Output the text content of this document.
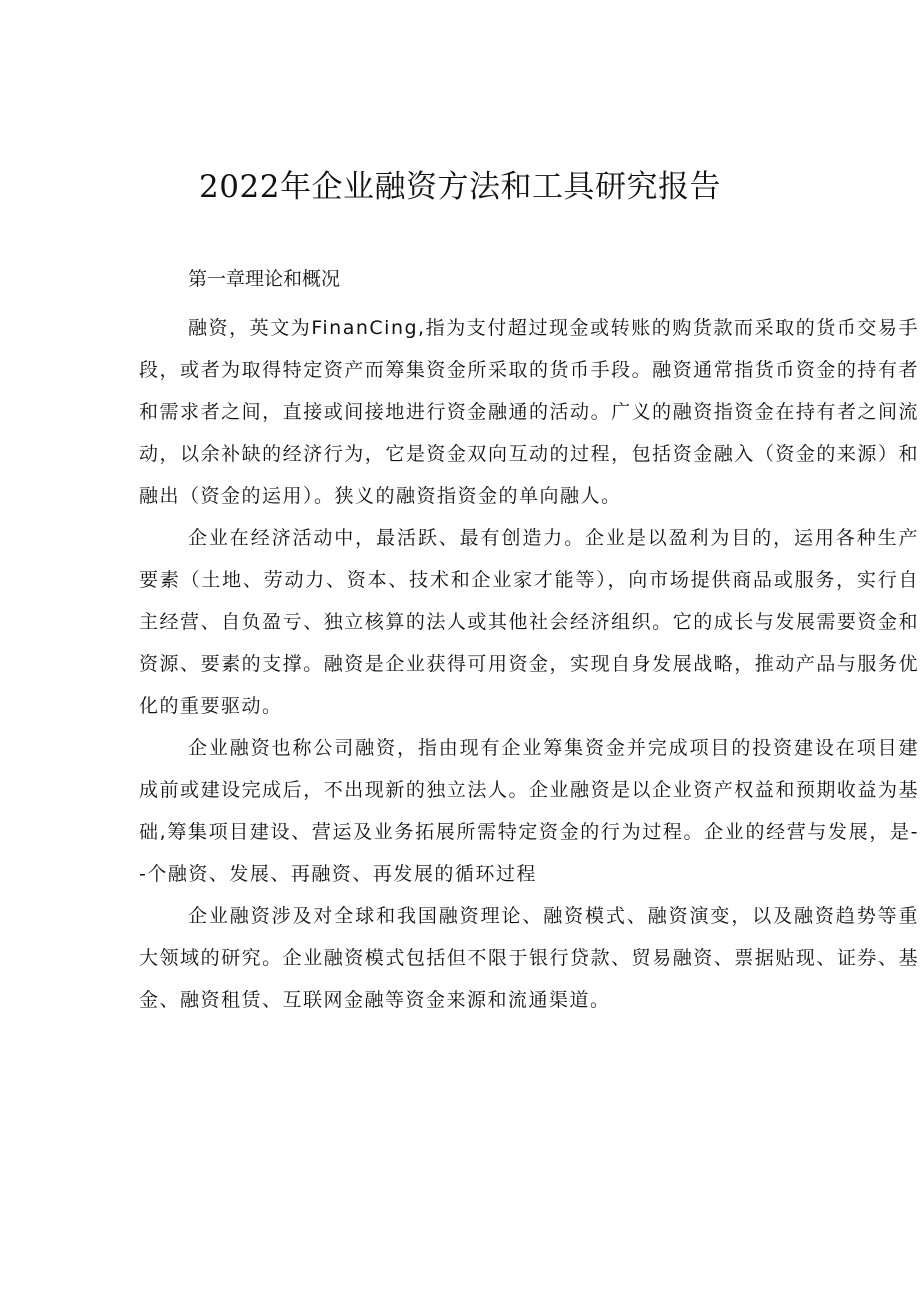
2022年企业融资方法和工具研究报告
第一章理论和概况

融资，英文为FinanCing,指为支付超过现金或转账的购货款而采取的货币交易手段，或者为取得特定资产而筹集资金所采取的货币手段。融资通常指货币资金的持有者和需求者之间，直接或间接地进行资金融通的活动。广义的融资指资金在持有者之间流动，以余补缺的经济行为，它是资金双向互动的过程，包括资金融入（资金的来源）和融出（资金的运用）。狭义的融资指资金的单向融人。

企业在经济活动中，最活跃、最有创造力。企业是以盈利为目的，运用各种生产要素（土地、劳动力、资本、技术和企业家才能等），向市场提供商品或服务，实行自主经营、自负盈亏、独立核算的法人或其他社会经济组织。它的成长与发展需要资金和资源、要素的支撑。融资是企业获得可用资金，实现自身发展战略，推动产品与服务优化的重要驱动。

企业融资也称公司融资，指由现有企业筹集资金并完成项目的投资建设在项目建成前或建设完成后，不出现新的独立法人。企业融资是以企业资产权益和预期收益为基础,筹集项目建设、营运及业务拓展所需特定资金的行为过程。企业的经营与发展，是--个融资、发展、再融资、再发展的循环过程

企业融资涉及对全球和我国融资理论、融资模式、融资演变，以及融资趋势等重大领域的研究。企业融资模式包括但不限于银行贷款、贸易融资、票据贴现、证券、基金、融资租赁、互联网金融等资金来源和流通渠道。
